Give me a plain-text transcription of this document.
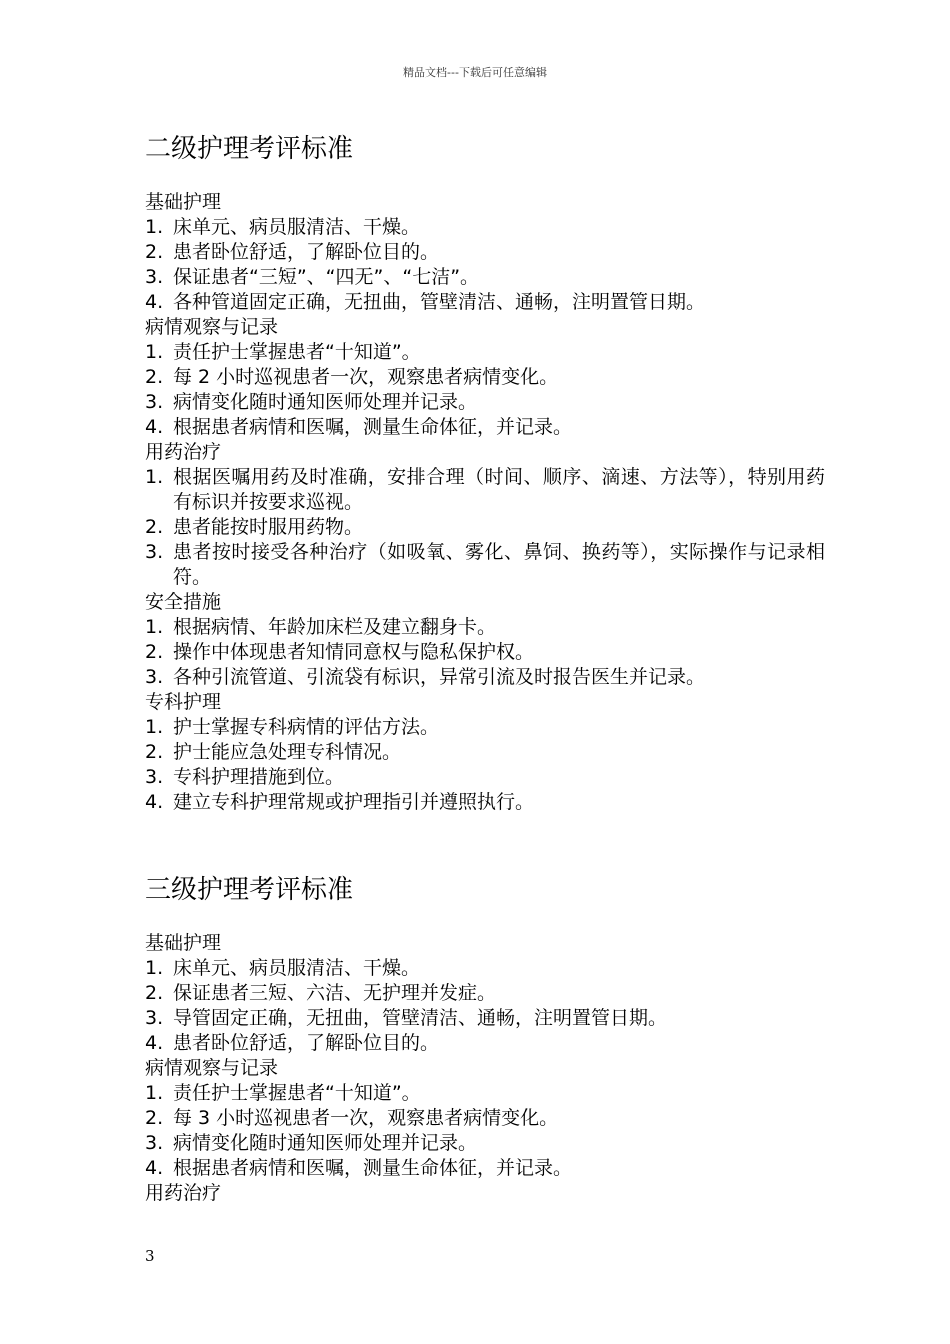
精品文档---下载后可任意编辑
二级护理考评标准
基础护理
1. 床单元、病员服清洁、干燥。
2. 患者卧位舒适，了解卧位目的。
3. 保证患者“三短”、“四无”、“七洁”。
4. 各种管道固定正确，无扭曲，管壁清洁、通畅，注明置管日期。
病情观察与记录
1. 责任护士掌握患者“十知道”。
2. 每 2 小时巡视患者一次，观察患者病情变化。
3. 病情变化随时通知医师处理并记录。
4. 根据患者病情和医嘱，测量生命体征，并记录。
用药治疗
1. 根据医嘱用药及时准确，安排合理（时间、顺序、滴速、方法等），特别用药有标识并按要求巡视。
2. 患者能按时服用药物。
3. 患者按时接受各种治疗（如吸氧、雾化、鼻饲、换药等），实际操作与记录相符。
安全措施
1. 根据病情、年龄加床栏及建立翻身卡。
2. 操作中体现患者知情同意权与隐私保护权。
3. 各种引流管道、引流袋有标识，异常引流及时报告医生并记录。
专科护理
1. 护士掌握专科病情的评估方法。
2. 护士能应急处理专科情况。
3. 专科护理措施到位。
4. 建立专科护理常规或护理指引并遵照执行。
三级护理考评标准
基础护理
1. 床单元、病员服清洁、干燥。
2. 保证患者三短、六洁、无护理并发症。
3. 导管固定正确，无扭曲，管壁清洁、通畅，注明置管日期。
4. 患者卧位舒适，了解卧位目的。
病情观察与记录
1. 责任护士掌握患者“十知道”。
2. 每 3 小时巡视患者一次，观察患者病情变化。
3. 病情变化随时通知医师处理并记录。
4. 根据患者病情和医嘱，测量生命体征，并记录。
用药治疗
3
